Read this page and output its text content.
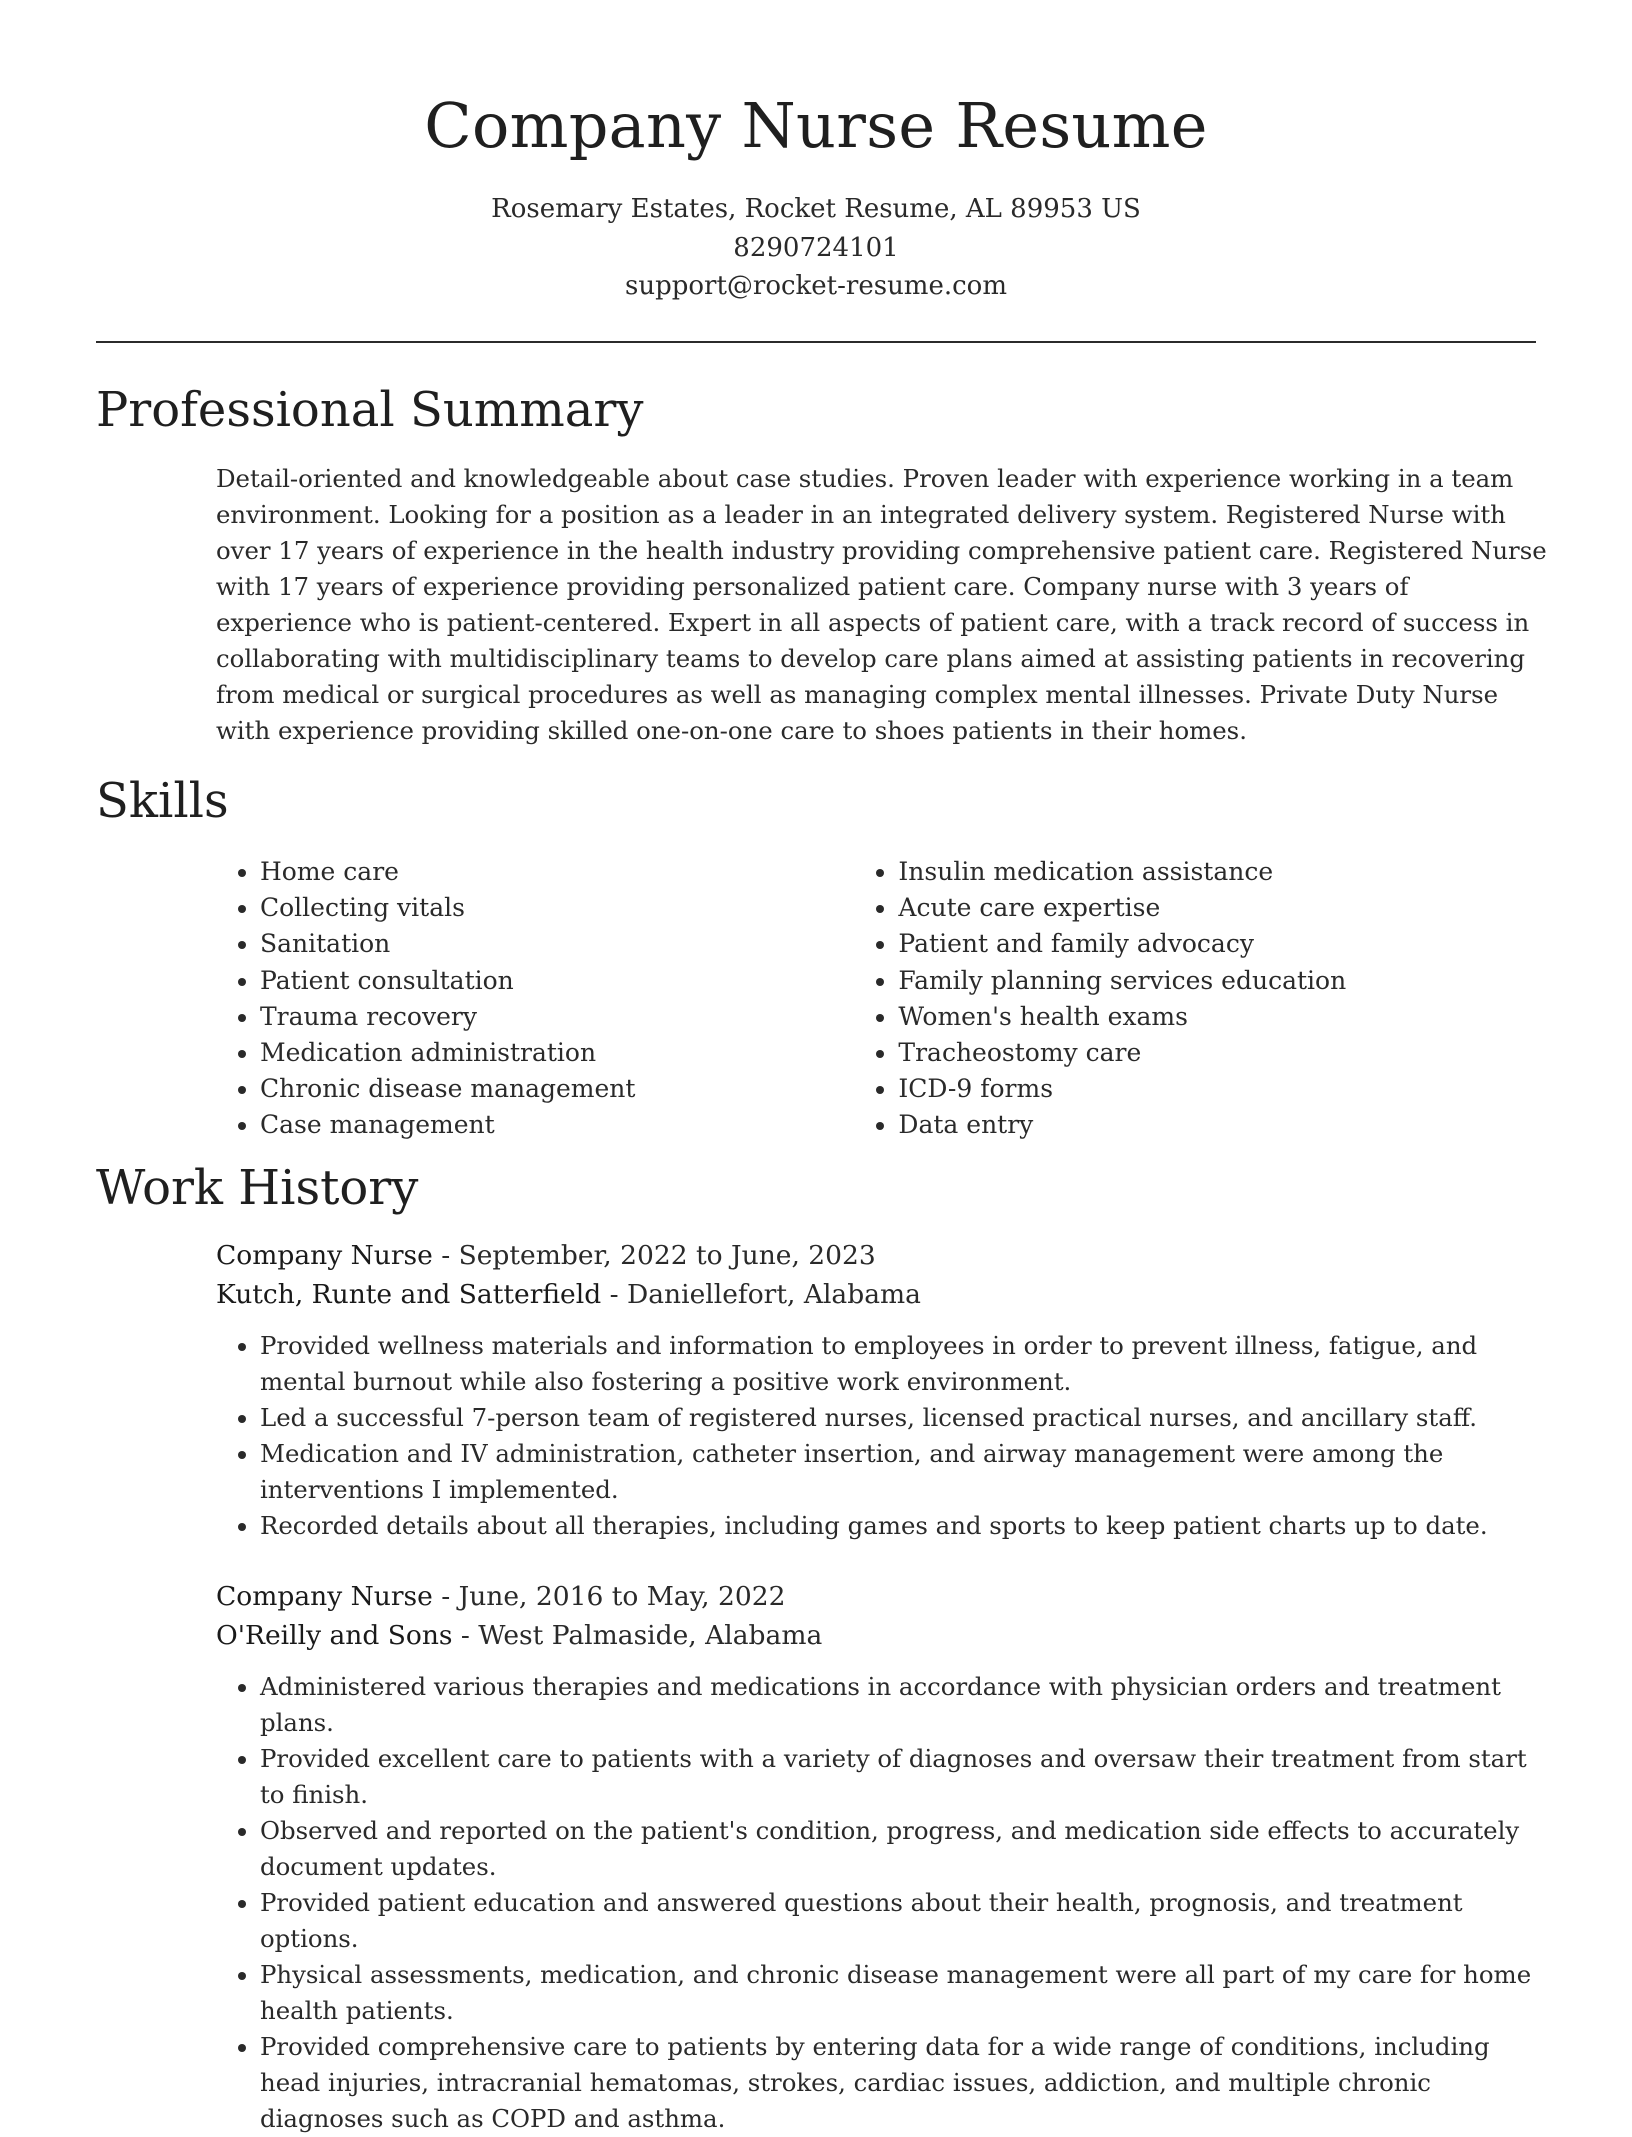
Company Nurse Resume
Rosemary Estates, Rocket Resume, AL 89953 US
8290724101
support@rocket-resume.com
Professional Summary

Detail-oriented and knowledgeable about case studies. Proven leader with experience working in a team environment. Looking for a position as a leader in an integrated delivery system. Registered Nurse with over 17 years of experience in the health industry providing comprehensive patient care. Registered Nurse with 17 years of experience providing personalized patient care. Company nurse with 3 years of experience who is patient-centered. Expert in all aspects of patient care, with a track record of success in collaborating with multidisciplinary teams to develop care plans aimed at assisting patients in recovering from medical or surgical procedures as well as managing complex mental illnesses. Private Duty Nurse with experience providing skilled one-on-one care to shoes patients in their homes.

Skills
• Home care
• Collecting vitals
• Sanitation
• Patient consultation
• Trauma recovery
• Medication administration
• Chronic disease management
• Case management
• Insulin medication assistance
• Acute care expertise
• Patient and family advocacy
• Family planning services education
• Women's health exams
• Tracheostomy care
• ICD-9 forms
• Data entry
Work History
Company Nurse - September, 2022 to June, 2023
Kutch, Runte and Satterfield - Daniellefort, Alabama
• Provided wellness materials and information to employees in order to prevent illness, fatigue, and mental burnout while also fostering a positive work environment.
• Led a successful 7-person team of registered nurses, licensed practical nurses, and ancillary staff.
• Medication and IV administration, catheter insertion, and airway management were among the interventions I implemented.
• Recorded details about all therapies, including games and sports to keep patient charts up to date.
Company Nurse - June, 2016 to May, 2022
O'Reilly and Sons - West Palmaside, Alabama
• Administered various therapies and medications in accordance with physician orders and treatment plans.
• Provided excellent care to patients with a variety of diagnoses and oversaw their treatment from start to finish.
• Observed and reported on the patient's condition, progress, and medication side effects to accurately document updates.
• Provided patient education and answered questions about their health, prognosis, and treatment options.
• Physical assessments, medication, and chronic disease management were all part of my care for home health patients.
• Provided comprehensive care to patients by entering data for a wide range of conditions, including head injuries, intracranial hematomas, strokes, cardiac issues, addiction, and multiple chronic diagnoses such as COPD and asthma.
